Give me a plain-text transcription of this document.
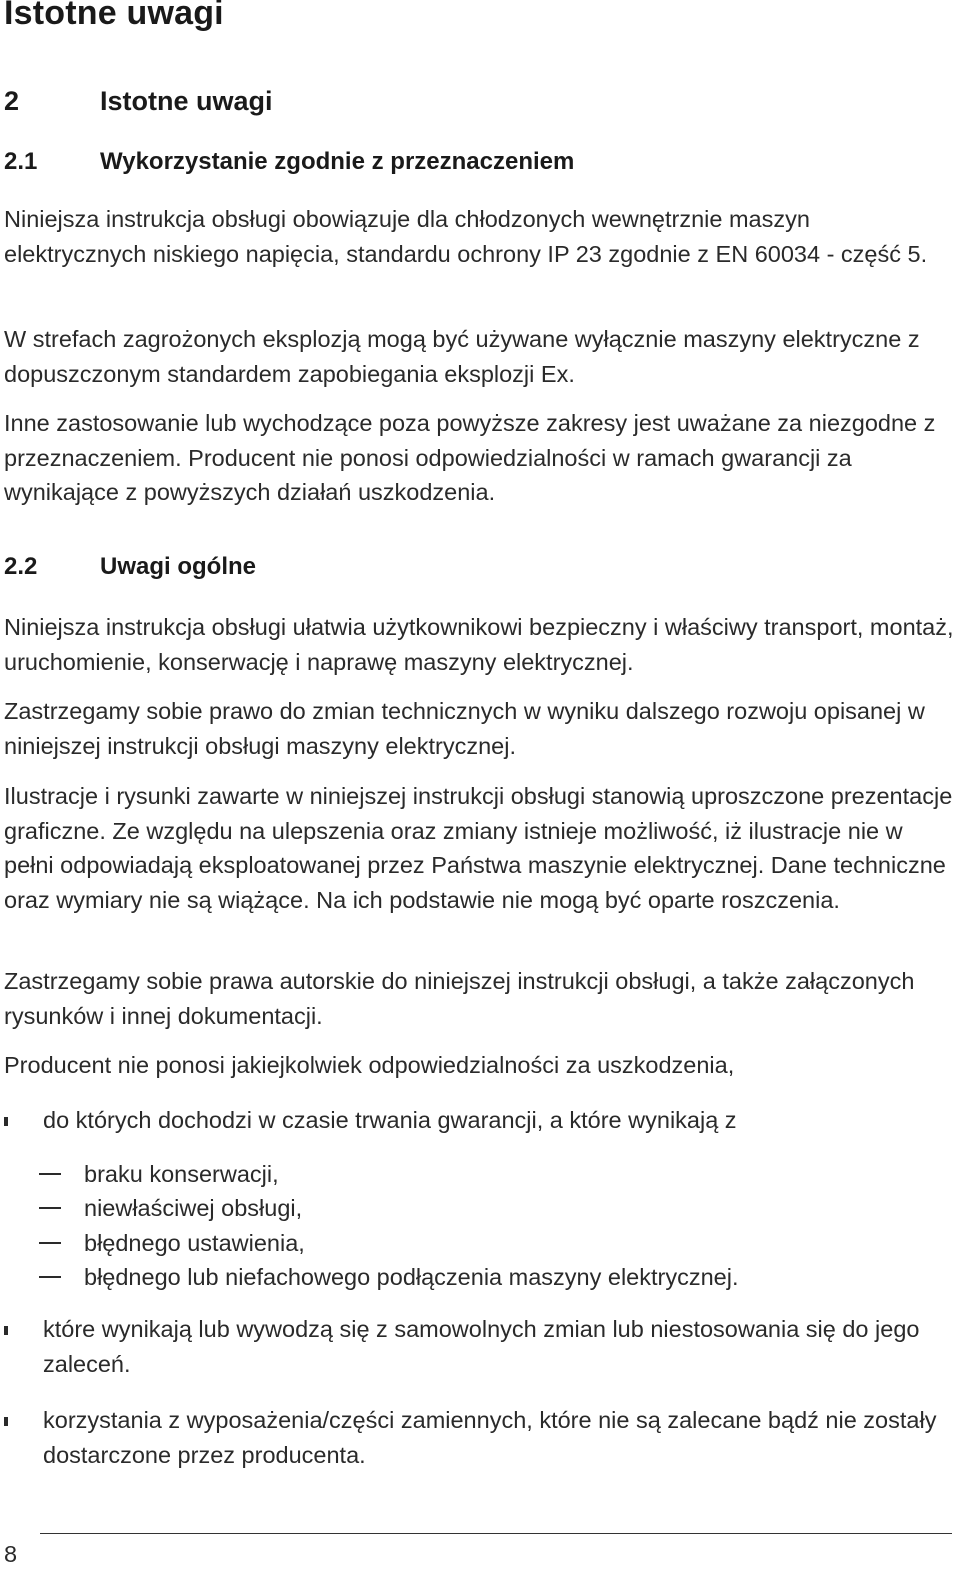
Istotne uwagi
2	Istotne uwagi
2.1	Wykorzystanie zgodnie z przeznaczeniem
Niniejsza instrukcja obsługi obowiązuje dla chłodzonych wewnętrznie maszyn elektrycznych niskiego napięcia, standardu ochrony IP 23 zgodnie z EN 60034 - część 5.
W strefach zagrożonych eksplozją mogą być używane wyłącznie maszyny elektryczne z dopuszczonym standardem zapobiegania eksplozji Ex.
Inne zastosowanie lub wychodzące poza powyższe zakresy jest uważane za niezgodne z przeznaczeniem. Producent nie ponosi odpowiedzialności w ramach gwarancji za wynikające z powyższych działań uszkodzenia.
2.2	Uwagi ogólne
Niniejsza instrukcja obsługi ułatwia użytkownikowi bezpieczny i właściwy transport, montaż, uruchomienie, konserwację i naprawę maszyny elektrycznej.
Zastrzegamy sobie prawo do zmian technicznych w wyniku dalszego rozwoju opisanej w niniejszej instrukcji obsługi maszyny elektrycznej.
Ilustracje i rysunki zawarte w niniejszej instrukcji obsługi stanowią uproszczone prezentacje graficzne. Ze względu na ulepszenia oraz zmiany istnieje możliwość, iż ilustracje nie w pełni odpowiadają eksploatowanej przez Państwa maszynie elektrycznej. Dane techniczne oraz wymiary nie są wiążące. Na ich podstawie nie mogą być oparte roszczenia.
Zastrzegamy sobie prawa autorskie do niniejszej instrukcji obsługi, a także załączonych rysunków i innej dokumentacji.
Producent nie ponosi jakiejkolwiek odpowiedzialności za uszkodzenia,
do których dochodzi w czasie trwania gwarancji, a które wynikają z
braku konserwacji,
niewłaściwej obsługi,
błędnego ustawienia,
błędnego lub niefachowego podłączenia maszyny elektrycznej.
które wynikają lub wywodzą się z samowolnych zmian lub niestosowania się do jego zaleceń.
korzystania z wyposażenia/części zamiennych, które nie są zalecane bądź nie zostały dostarczone przez producenta.
8
